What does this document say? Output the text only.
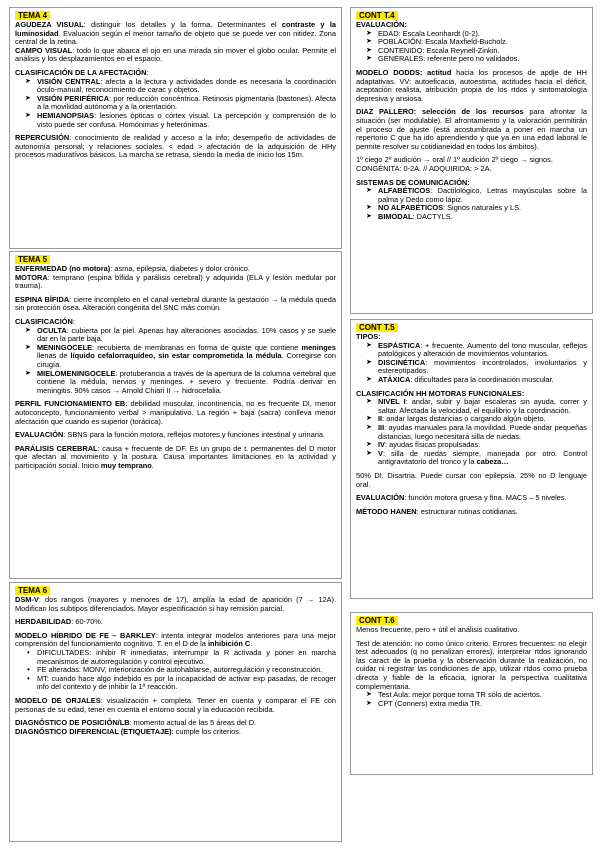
TEMA 4

AGUDEZA VISUAL: distinguir los detalles y la forma. Determinantes el contraste y la luminosidad. Evaluación según el menor tamaño de objeto que se puede ver con nitidez. Zona central de la retina.

CAMPO VISUAL: todo lo que abarca el ojo en una mirada sin mover el globo ocular. Permite el análisis y los desplazamientos en el espacio.

CLASIFICACIÓN DE LA AFECTACIÓN:

➤ VISIÓN CENTRAL: afecta a la lectura y actividades donde es necesaria la coordinación óculo-manual, reconocimiento de carac y objetos.
➤ VISIÓN PERIFÉRICA: por reducción concéntrica. Retinosis pigmentaria (bastones). Afecta a la movilidad autónoma y a la orientación.
➤ HEMIANOPSIAS: lesiones ópticas o córtex visual. La percepción y comprensión de lo visto puede ser confusa. Homónimas y heterónimas.

REPERCUSIÓN: conocimiento de realidad y acceso a la info; desempeño de actividades de autonomía personal; y relaciones sociales. < edad > afectación de la adquisición de HHy procesos maduratívos básicos. La marcha se retrasa, siendo la media de inicio los 15m.

TEMA 5

ENFERMEDAD (no motora): asma, epilepsia, diabetes y dolor crónico.

MOTORA: temprano (espina bífida y parálisis cerebral) y adquirida (ELA y lesión medular por trauma).

ESPINA BÍFIDA: cierre incompleto en el canal vertebral durante la gestación → la médula queda sin protección ósea. Alteración congénita del SNC más común.

CLASIFICACIÓN:

➤ OCULTA: cubierta por la piel. Apenas hay alteraciones asociadas. 10% casos y se suele dar en la parte baja.
➤ MENINGOCELE: recubierta de membranas en forma de quiste que contiene meninges llenas de líquido cefalorraquídeo, sin estar comprometida la médula. Corregirse con cirugía.
➤ MIELOMENINGOCELE: protuberancia a través de la apertura de la columna vertebral que contiene la médula, nervios y meninges. + severo y frecuente. Podría derivar en meningitis. 90% casos → Arnold Chiari II → hidrocefalia.

PERFIL FUNCIONAMIENTO EB: debilidad muscular, incontinencia, no es frecuente DI, menor autoconcepto, funcionamiento verbal > manipulativo. La región + baja (sacra) conlleva menor afectación que cuando es superior (torácica).

EVALUACIÓN: SBNS para la función motora, reflejos motores y funciones intestinal y urinaria.

PARÁLISIS CEREBRAL: causa + frecuente de DF. Es un grupo de t. permanentes del D motor que afectan al movimiento y la postura. Causa importantes limitaciones en la actividad y participación social. Inicio muy temprano.

TEMA 6

DSM-V: dos rangos (mayores y menores de 17), amplía la edad de aparición (7 → 12A). Modifican los subtipos diferenciados. Mayor especificación si hay remisión parcial.

HERDABILIDAD: 60-70%.

MODELO HÍBRIDO DE FE – BARKLEY: intenta integrar modelos anteriores para una mejor comprensión del funcionamiento cognitivo. T. en el D de la inhibición C.

• DIFICULTADES: inhibir R inmediatas, interrumpir la R activada y poner en marcha mecanismos de autorregulación y control ejecutivo.
• FE alteradas: MONV, interiorización de autohablarse, autorregulación y reconstrucción.
• MT: cuando hace algo indebido es por la incapacidad de activar exp pasadas, de recoger info del contexto y de inhibir la 1ª reacción.

MODELO DE ORJALES: visualización + completa. Tener en cuenta y comparar el FE con personas de su edad, tener en cuenta el entorno social y la educación recibida.

DIAGNÓSTICO DE POSICIÓN/LB: momento actual de las 5 áreas del D.

DIAGNÓSTICO DIFERENCIAL (ETIQUETAJE): cumple los criterios.

CONT T.4

EVALUACIÓN:

➤ EDAD: Escala Leonhardt (0-2).
➤ POBLACIÓN: Escala Maxfield-Bucholz.
➤ CONTENIDO: Escala Reynell-Zinkin.
➤ GENERALES: referente pero no validados.

MODELO DODDS: actitud hacia los procesos de apdje de HH adaptativas. VV: autoeficacia, autoestima, actitudes hacia el déficit, aceptación realista, atribución propia de los rtdos y sintomatología depresiva y ansiosa.

DIAZ PALLERO: selección de los recursos para afrontar la situación (ser modulable). El afrontamiento y la valoración permitirán el proceso de ajuste (está acostumbrada a poner en marcha un repertorio C que ha ido aprendiendo y que ya en una edad laboral le permite resolver su cotidianeidad en todos los ámbitos).

1º ciego 2º audición → oral // 1º audición 2º ciego → signos.

CONGÉNITA: 0-2A. // ADQUIRIDA: > 2A.

SISTEMAS DE COMUNICACIÓN:

➤ ALFABÉTICOS: Dactilológico, Letras mayúsculas sobre la palma y Dedo como lápiz.
➤ NO ALFABÉTICOS: Signos naturales y LS.
➤ BIMODAL: DACTYLS.
CONT T.5

TIPOS:

➤ ESPÁSTICA: + frecuente. Aumento del tono muscular, reflejos patológicos y alteración de movimientos voluntarios.
➤ DISCINÉTICA: movimientos incontrolados, involuntarios y estereotipados.
➤ ATÁXICA: dificultades para la coordinación muscular.

CLASIFICACIÓN HH MOTORAS FUNCIONALES:

➤ NIVEL I: andar, subir y bajar escaleras sin ayuda, correr y saltar. Afectada la velocidad, el equilibrio y la coordinación.
➤ II: andar largas distancias o cargando algún objeto.
➤ III: ayudas manuales para la movilidad. Puede andar pequeñas distancias, luego necesitará silla de ruedas.
➤ IV: ayudas físicas propulsadas.
➤ V: silla de ruedas siempre, manejada por otro. Control antigravitatorio del tronco y la cabeza…

50% DI. Disartria. Puede cursar con epilepsia. 25% no D lenguaje oral.

EVALUACIÓN: función motora gruesa y fina. MACS – 5 niveles.

MÉTODO HANEN: estructurar rutinas cotidianas.

CONT T.6

Menos frecuente, pero + útil el análisis cualitativo.

Test de atención: no como único criterio. Errores frecuentes: no elegir test adecuados (q no penalizan errores), interpretar rtdos ignorando las caract de la prueba y la observación durante la realización, no cuidar ni registrar las condiciones de app, utilizar rtdos como prueba directa y fiable de la eficacia, ignorar la perspectiva cualitativa complementaria.

➤ Test Aula: mejor porque toma TR sólo de aciertos.
➤ CPT (Conners) extra media TR.
